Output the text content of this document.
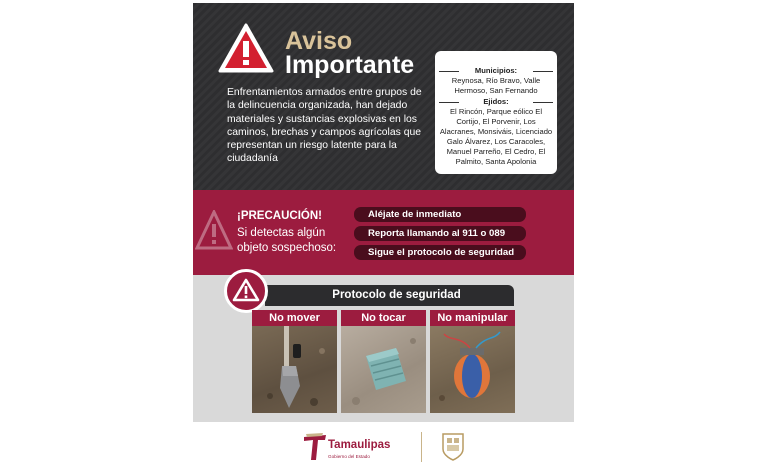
Aviso
Importante
Enfrentamientos armados entre grupos de la delincuencia organizada, han dejado materiales y sustancias explosivas en los caminos, brechas y campos agrícolas que representan un riesgo latente para la ciudadanía
Municipios:
Reynosa, Río Bravo, Valle Hermoso, San Fernando
Ejidos:
El Rincón, Parque eólico El Cortijo, El Porvenir, Los Alacranes, Monsiváis, Licenciado Galo Álvarez, Los Caracoles, Manuel Parreño, El Cedro, El Palmito, Santa Apolonia
¡PRECAUCIÓN!
Si detectas algún objeto sospechoso:
Aléjate de inmediato
Reporta llamando al 911 o 089
Sigue el protocolo de seguridad
Protocolo de seguridad
No mover	No tocar	No manipular
Tamaulipas
Gobierno del Estado
